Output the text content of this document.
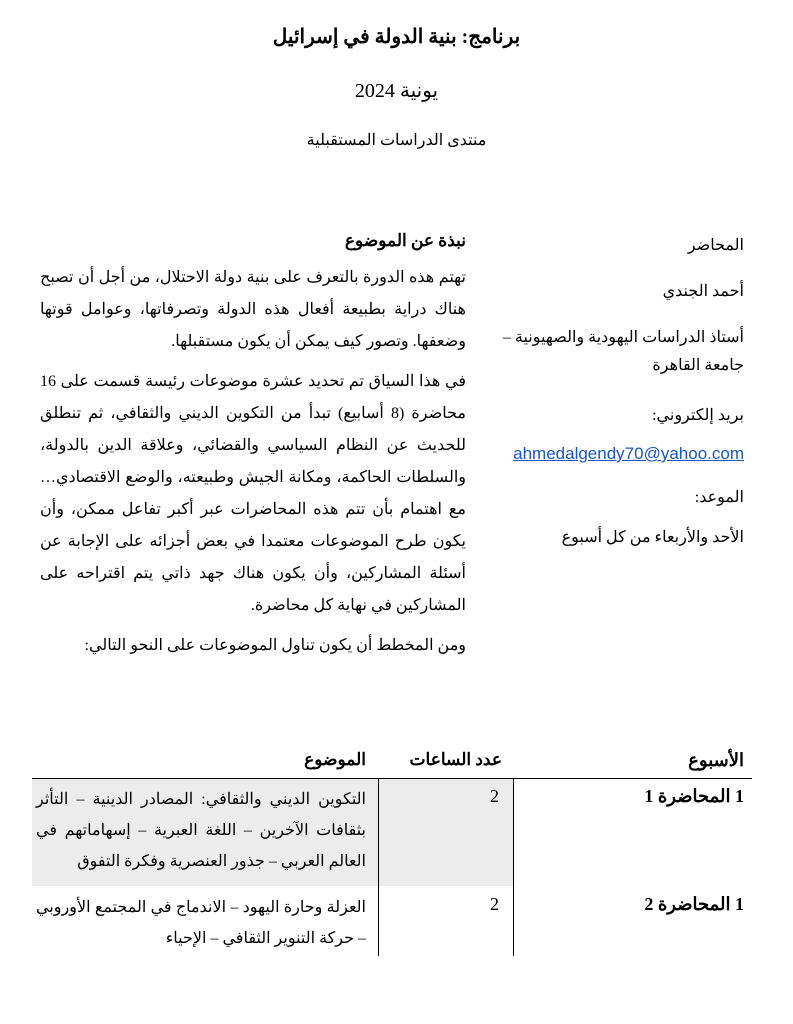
برنامج: بنية الدولة في إسرائيل
يونية 2024
منتدى الدراسات المستقبلية
المحاضر
أحمد الجندي
أستاذ الدراسات اليهودية والصهيونية – جامعة القاهرة
بريد إلكتروني:
ahmedalgendy70@yahoo.com
الموعد:
الأحد والأربعاء من كل أسبوع
نبذة عن الموضوع

تهتم هذه الدورة بالتعرف على بنية دولة الاحتلال، من أجل أن تصبح هناك دراية بطبيعة أفعال هذه الدولة وتصرفاتها، وعوامل قوتها وضعفها. وتصور كيف يمكن أن يكون مستقبلها.

في هذا السياق تم تحديد عشرة موضوعات رئيسة قسمت على 16 محاضرة (8 أسابيع) تبدأ من التكوين الديني والثقافي، ثم تنطلق للحديث عن النظام السياسي والقضائي، وعلاقة الدين بالدولة، والسلطات الحاكمة، ومكانة الجيش وطبيعته، والوضع الاقتصادي… مع اهتمام بأن تتم هذه المحاضرات عبر أكبر تفاعل ممكن، وأن يكون طرح الموضوعات معتمدا في بعض أجزائه على الإجابة عن أسئلة المشاركين، وأن يكون هناك جهد ذاتي يتم اقتراحه على المشاركين في نهاية كل محاضرة.

ومن المخطط أن يكون تناول الموضوعات على النحو التالي:

الأسبوع
عدد الساعات
الموضوع
1 المحاضرة 1
2
التكوين الديني والثقافي: المصادر الدينية – التأثر بثقافات الآخرين – اللغة العبرية – إسهاماتهم في العالم العربي – جذور العنصرية وفكرة التفوق
1 المحاضرة 2
2
العزلة وحارة اليهود – الاندماج في المجتمع الأوروبي – حركة التنوير الثقافي – الإحياء
